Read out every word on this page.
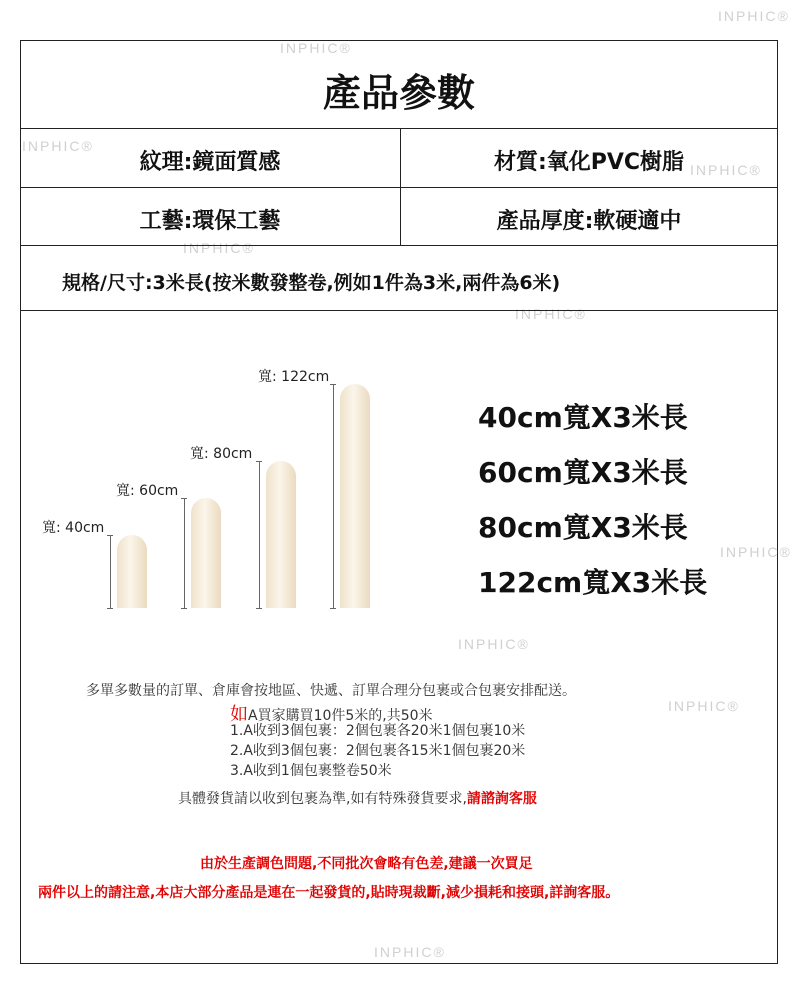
INPHIC®
INPHIC®
INPHIC®
INPHIC®
INPHIC®
INPHIC®
INPHIC®
INPHIC®
INPHIC®
INPHIC®
產品參數
紋理:鏡面質感	材質:氧化PVC樹脂
工藝:環保工藝	產品厚度:軟硬適中
規格/尺寸:3米長(按米數發整卷,例如1件為3米,兩件為6米)
寬: 40cm
寬: 60cm
寬: 80cm
寬: 122cm
40cm寬X3米長
60cm寬X3米長
80cm寬X3米長
122cm寬X3米長
多單多數量的訂單、倉庫會按地區、快遞、訂單合理分包裹或合包裹安排配送。
如A買家購買10件5米的,共50米
1.A收到3個包裹：2個包裹各20米1個包裹10米
2.A收到3個包裹：2個包裹各15米1個包裹20米
3.A收到1個包裹整卷50米
具體發貨請以收到包裹為準,如有特殊發貨要求,請諮詢客服
由於生產調色問題,不同批次會略有色差,建議一次買足
兩件以上的請注意,本店大部分產品是連在一起發貨的,貼時現裁斷,減少損耗和接頭,詳詢客服。
